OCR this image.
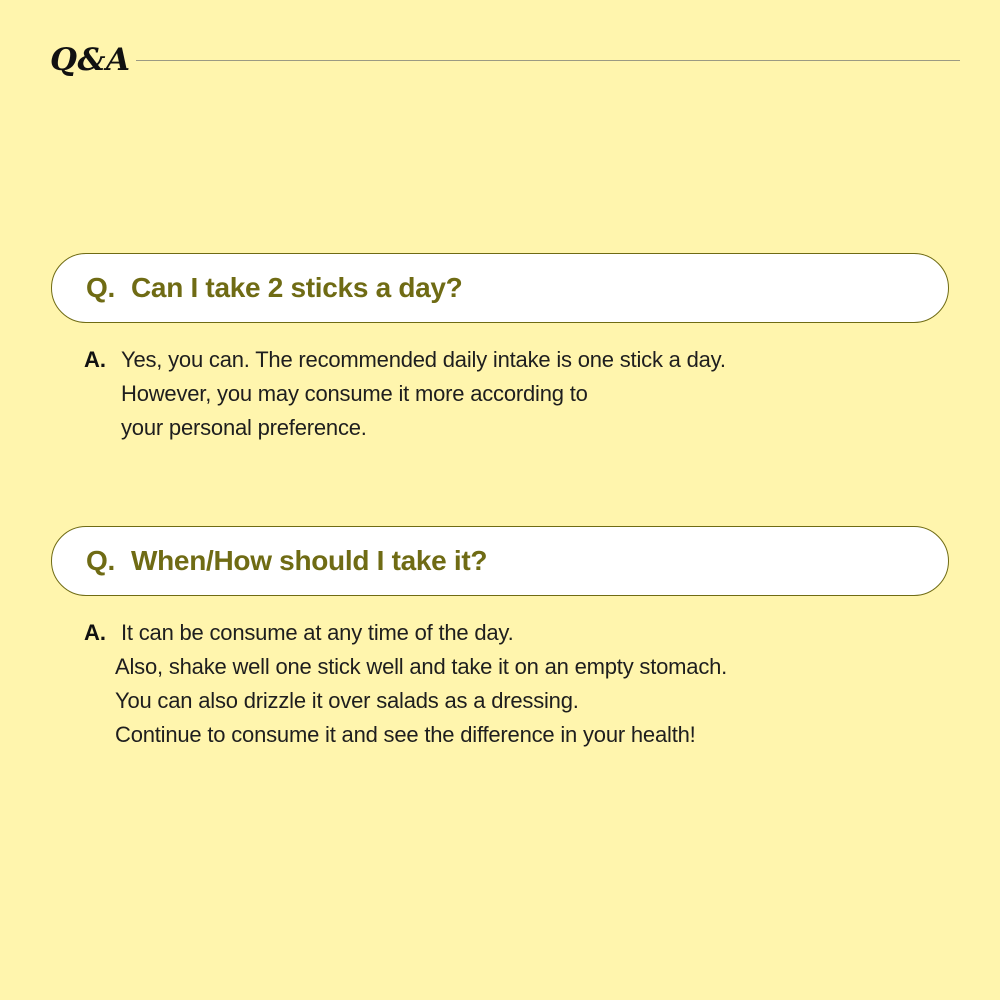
Q&A
Q. Can I take 2 sticks a day?
A. Yes, you can. The recommended daily intake is one stick a day.
However, you may consume it more according to
your personal preference.
Q. When/How should I take it?
A. It can be consume at any time of the day.
Also, shake well one stick well and take it on an empty stomach.
You can also drizzle it over salads as a dressing.
Continue to consume it and see the difference in your health!
